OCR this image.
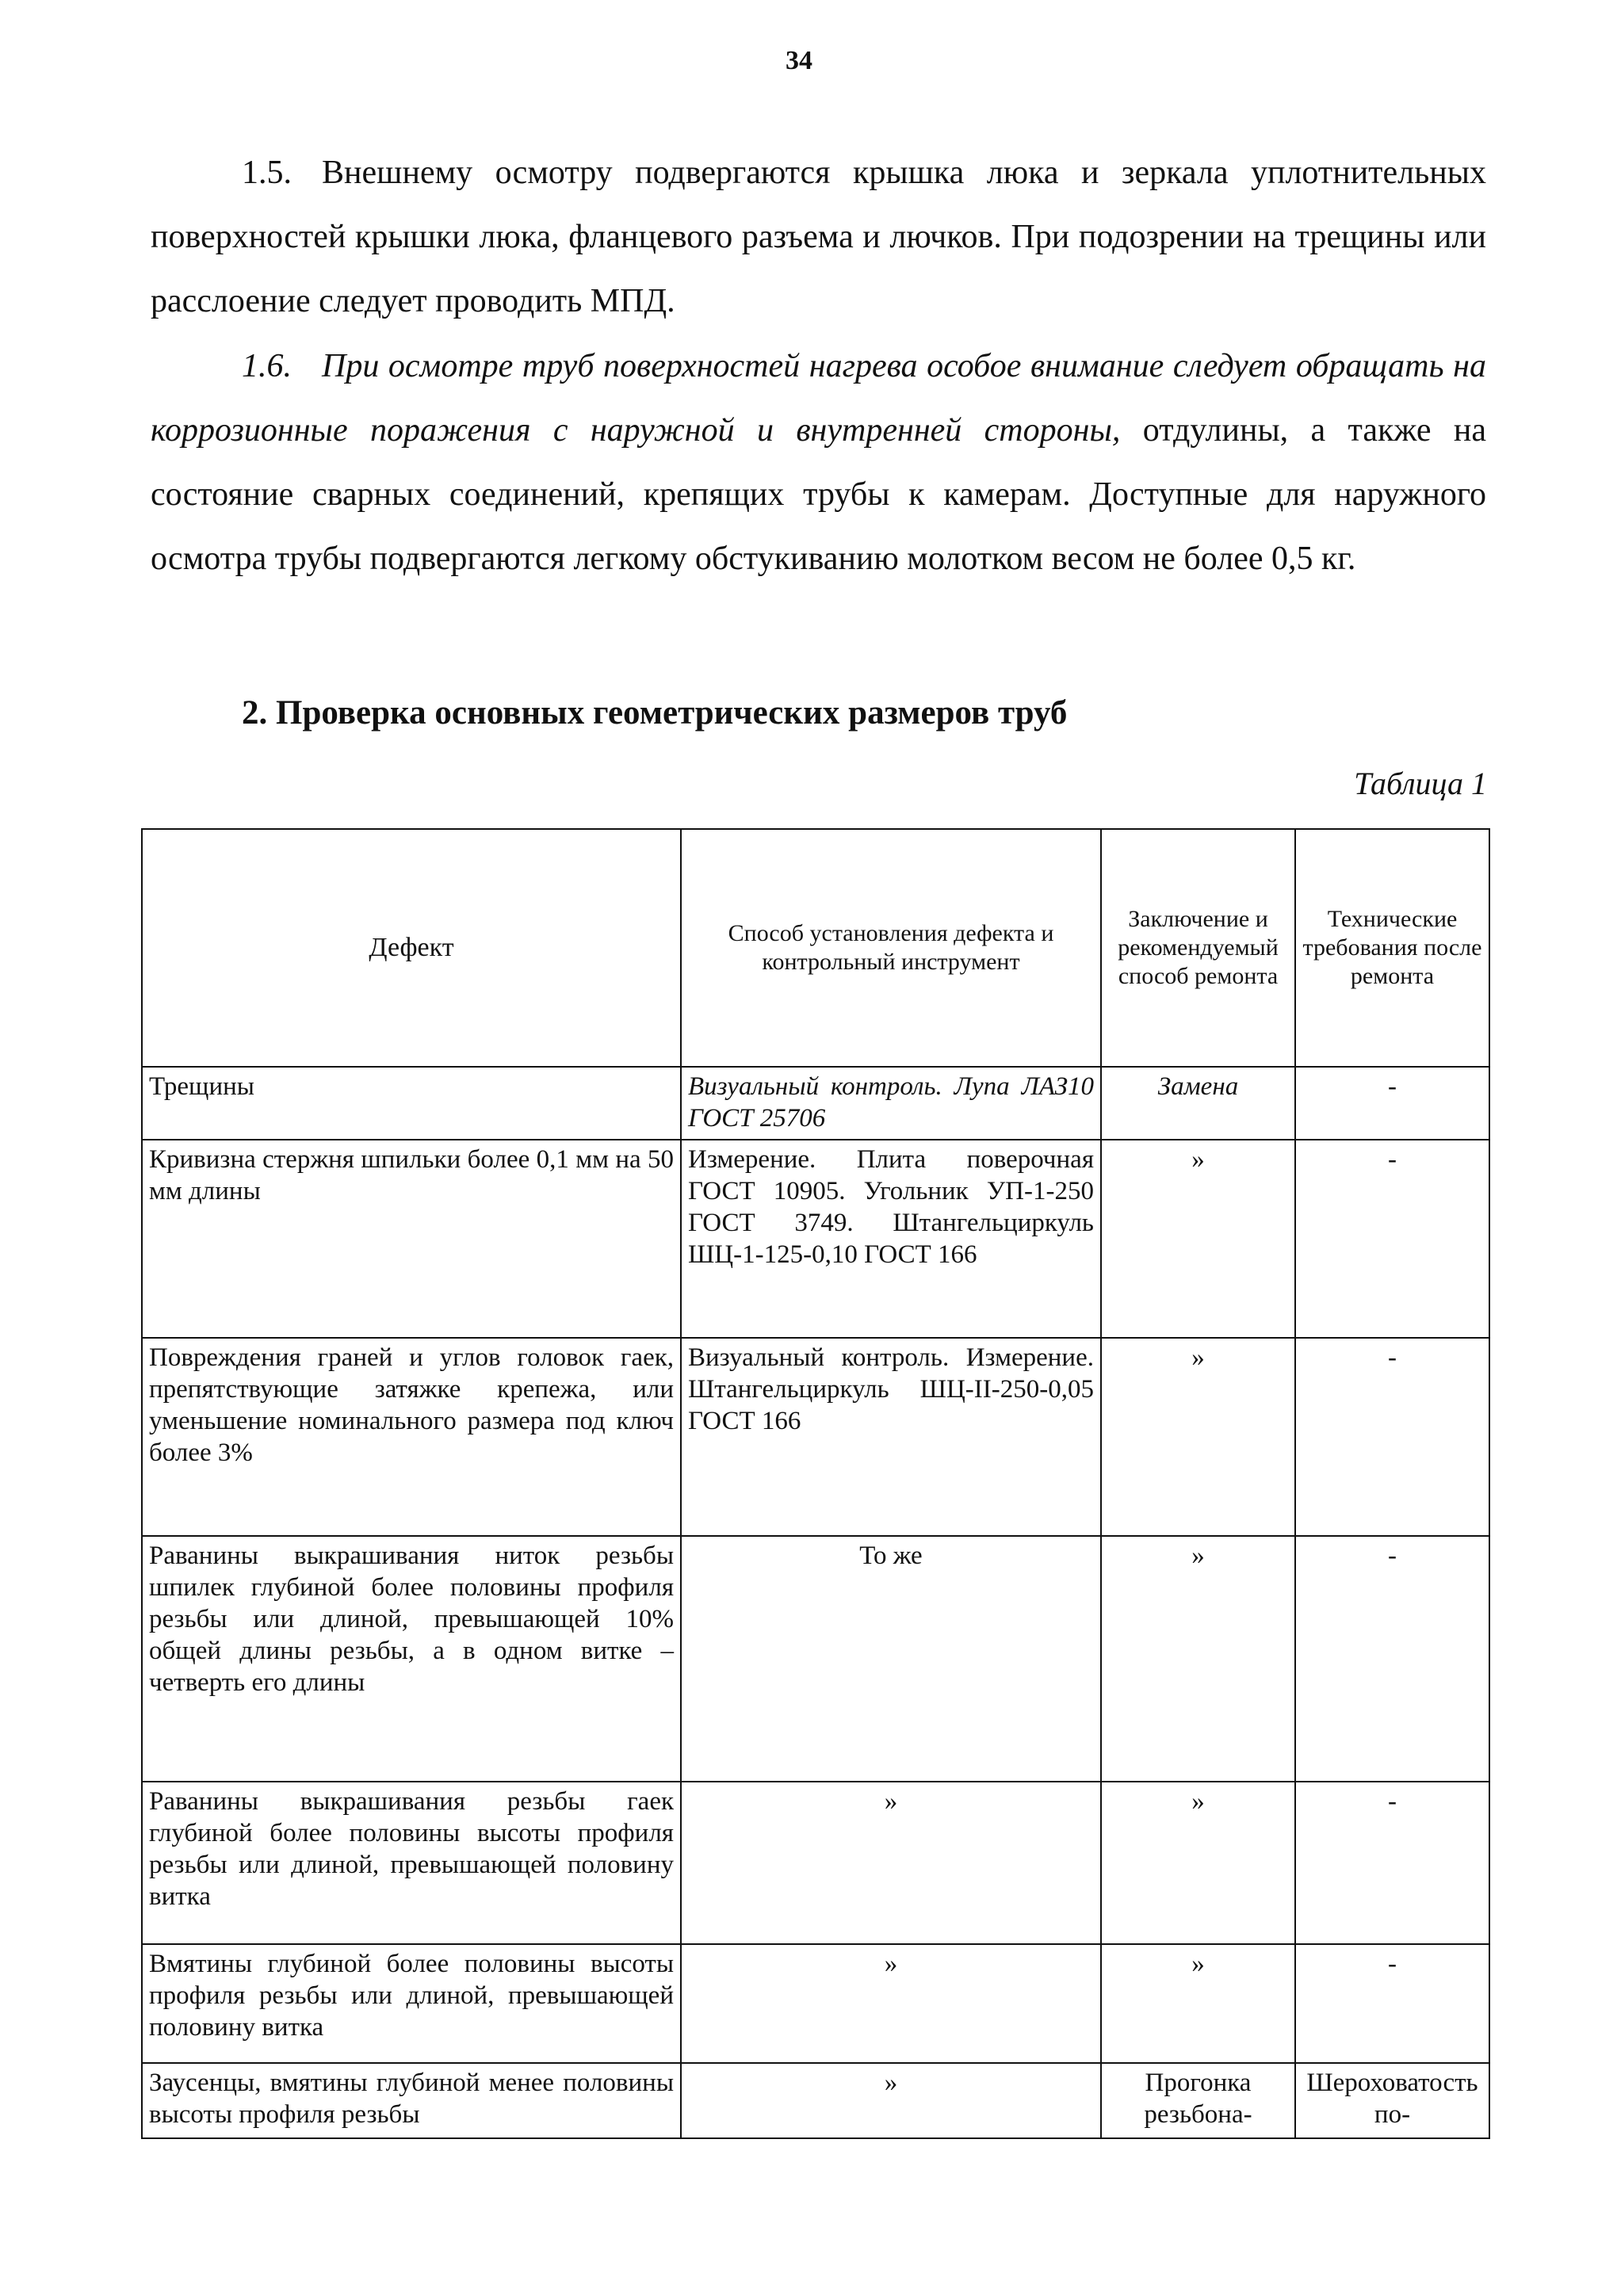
34
1.5. Внешнему осмотру подвергаются крышка люка и зеркала уплотнительных поверхностей крышки люка, фланцевого разъема и лючков. При подозрении на трещины или расслоение следует проводить МПД.
1.6. При осмотре труб поверхностей нагрева особое внимание следует обращать на коррозионные поражения с наружной и внутренней стороны, отдулины, а также на состояние сварных соединений, крепящих трубы к камерам. Доступные для наружного осмотра трубы подвергаются легкому обстукиванию молотком весом не более 0,5 кг.
2. Проверка основных геометрических размеров труб
Таблица 1
Дефект	Способ установления дефекта и контрольный инструмент	Заключение и рекомендуемый способ ремонта	Технические требования после ремонта
Трещины	Визуальный контроль. Лупа ЛАЗ10 ГОСТ 25706	Замена	-
Кривизна стержня шпильки более 0,1 мм на 50 мм длины	Измерение. Плита поверочная ГОСТ 10905. Угольник УП-1-250 ГОСТ 3749. Штангельциркуль ШЦ-1-125-0,10 ГОСТ 166	»	-
Повреждения граней и углов головок гаек, препятствующие затяжке крепежа, или уменьшение номинального размера под ключ более 3%	Визуальный контроль. Измерение. Штангельциркуль ШЦ-II-250-0,05 ГОСТ 166	»	-
Раванины выкрашивания ниток резьбы шпилек глубиной более половины профиля резьбы или длиной, превышающей 10% общей длины резьбы, а в одном витке – четверть его длины	То же	»	-
Раванины выкрашивания резьбы гаек глубиной более половины высоты профиля резьбы или длиной, превышающей половину витка	»	»	-
Вмятины глубиной более половины высоты профиля резьбы или длиной, превышающей половину витка	»	»	-
Заусенцы, вмятины глубиной менее половины высоты профиля резьбы	»	Прогонка резьбона-	Шероховатость по-
